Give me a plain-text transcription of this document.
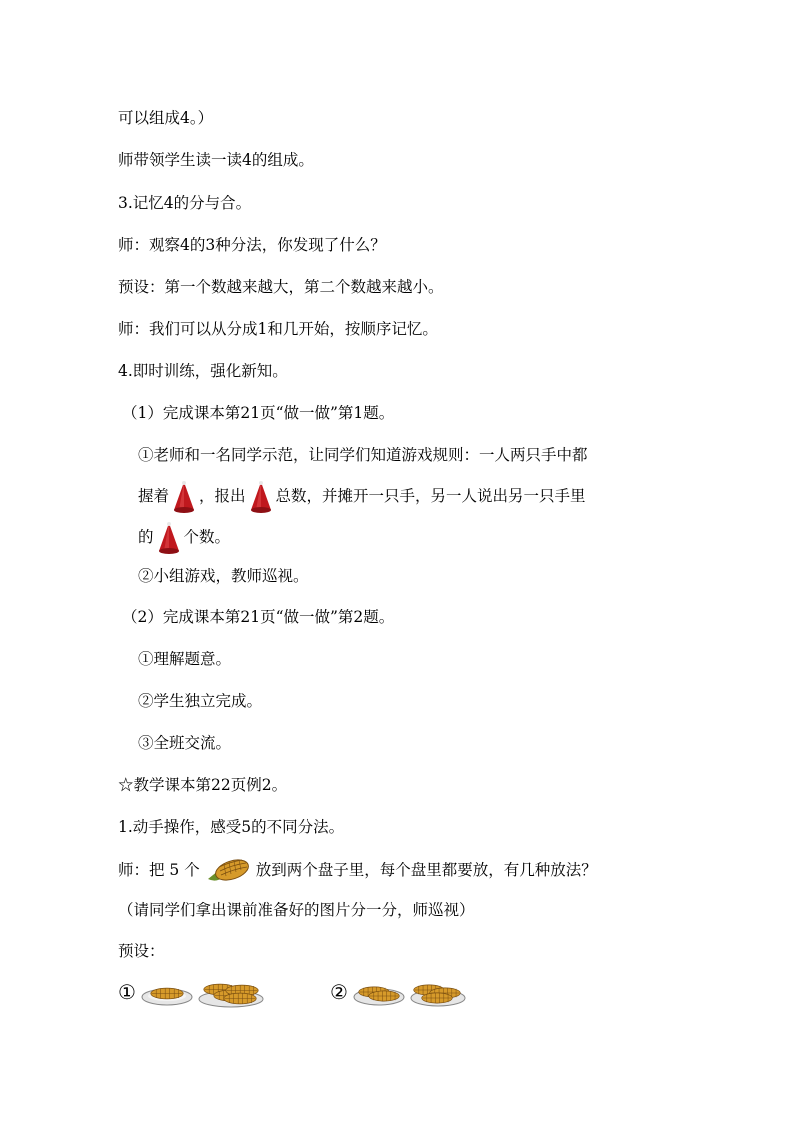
可以组成4。）
师带领学生读一读4的组成。
3.记忆4的分与合。
师：观察4的3种分法，你发现了什么？
预设：第一个数越来越大，第二个数越来越小。
师：我们可以从分成1和几开始，按顺序记忆。
4.即时训练，强化新知。
（1）完成课本第21页“做一做”第1题。
①老师和一名同学示范，让同学们知道游戏规则：一人两只手中都
握着 ，报出 总数，并摊开一只手，另一人说出另一只手里
的 个数。
②小组游戏，教师巡视。
（2）完成课本第21页“做一做”第2题。
①理解题意。
②学生独立完成。
③全班交流。
☆教学课本第22页例2。
1.动手操作，感受5的不同分法。
师：把 5 个	放到两个盘子里，每个盘里都要放，有几种放法？
（请同学们拿出课前准备好的图片分一分，师巡视）
预设：
①	②
